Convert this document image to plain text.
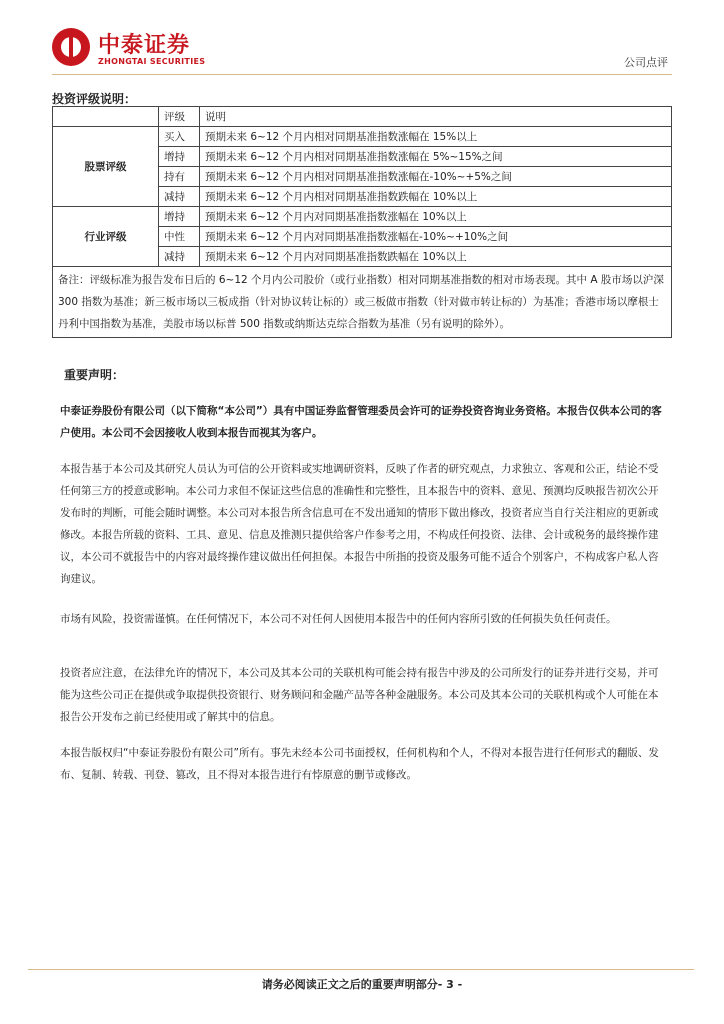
中泰证券
ZHONGTAI SECURITIES	公司点评
投资评级说明：
	评级	说明
股票评级	买入	预期未来 6~12 个月内相对同期基准指数涨幅在 15%以上
	增持	预期未来 6~12 个月内相对同期基准指数涨幅在 5%~15%之间
	持有	预期未来 6~12 个月内相对同期基准指数涨幅在-10%~+5%之间
	减持	预期未来 6~12 个月内相对同期基准指数跌幅在 10%以上
行业评级	增持	预期未来 6~12 个月内对同期基准指数涨幅在 10%以上
	中性	预期未来 6~12 个月内对同期基准指数涨幅在-10%~+10%之间
	减持	预期未来 6~12 个月内对同期基准指数跌幅在 10%以上
备注：评级标准为报告发布日后的 6~12 个月内公司股价（或行业指数）相对同期基准指数的相对市场表现。其中 A 股市场以沪深 300 指数为基准；新三板市场以三板成指（针对协议转让标的）或三板做市指数（针对做市转让标的）为基准；香港市场以摩根士丹利中国指数为基准，美股市场以标普 500 指数或纳斯达克综合指数为基准（另有说明的除外）。		
重要声明：
中泰证券股份有限公司（以下简称“本公司”）具有中国证券监督管理委员会许可的证券投资咨询业务资格。本报告仅供本公司的客户使用。本公司不会因接收人收到本报告而视其为客户。
本报告基于本公司及其研究人员认为可信的公开资料或实地调研资料，反映了作者的研究观点，力求独立、客观和公正，结论不受任何第三方的授意或影响。本公司力求但不保证这些信息的准确性和完整性，且本报告中的资料、意见、预测均反映报告初次公开发布时的判断，可能会随时调整。本公司对本报告所含信息可在不发出通知的情形下做出修改，投资者应当自行关注相应的更新或修改。本报告所载的资料、工具、意见、信息及推测只提供给客户作参考之用，不构成任何投资、法律、会计或税务的最终操作建议，本公司不就报告中的内容对最终操作建议做出任何担保。本报告中所指的投资及服务可能不适合个别客户，不构成客户私人咨询建议。
市场有风险，投资需谨慎。在任何情况下，本公司不对任何人因使用本报告中的任何内容所引致的任何损失负任何责任。
投资者应注意，在法律允许的情况下，本公司及其本公司的关联机构可能会持有报告中涉及的公司所发行的证券并进行交易，并可能为这些公司正在提供或争取提供投资银行、财务顾问和金融产品等各种金融服务。本公司及其本公司的关联机构或个人可能在本报告公开发布之前已经使用或了解其中的信息。
本报告版权归“中泰证券股份有限公司”所有。事先未经本公司书面授权，任何机构和个人，不得对本报告进行任何形式的翻版、发布、复制、转载、刊登、篡改，且不得对本报告进行有悖原意的删节或修改。
请务必阅读正文之后的重要声明部分- 3 -
